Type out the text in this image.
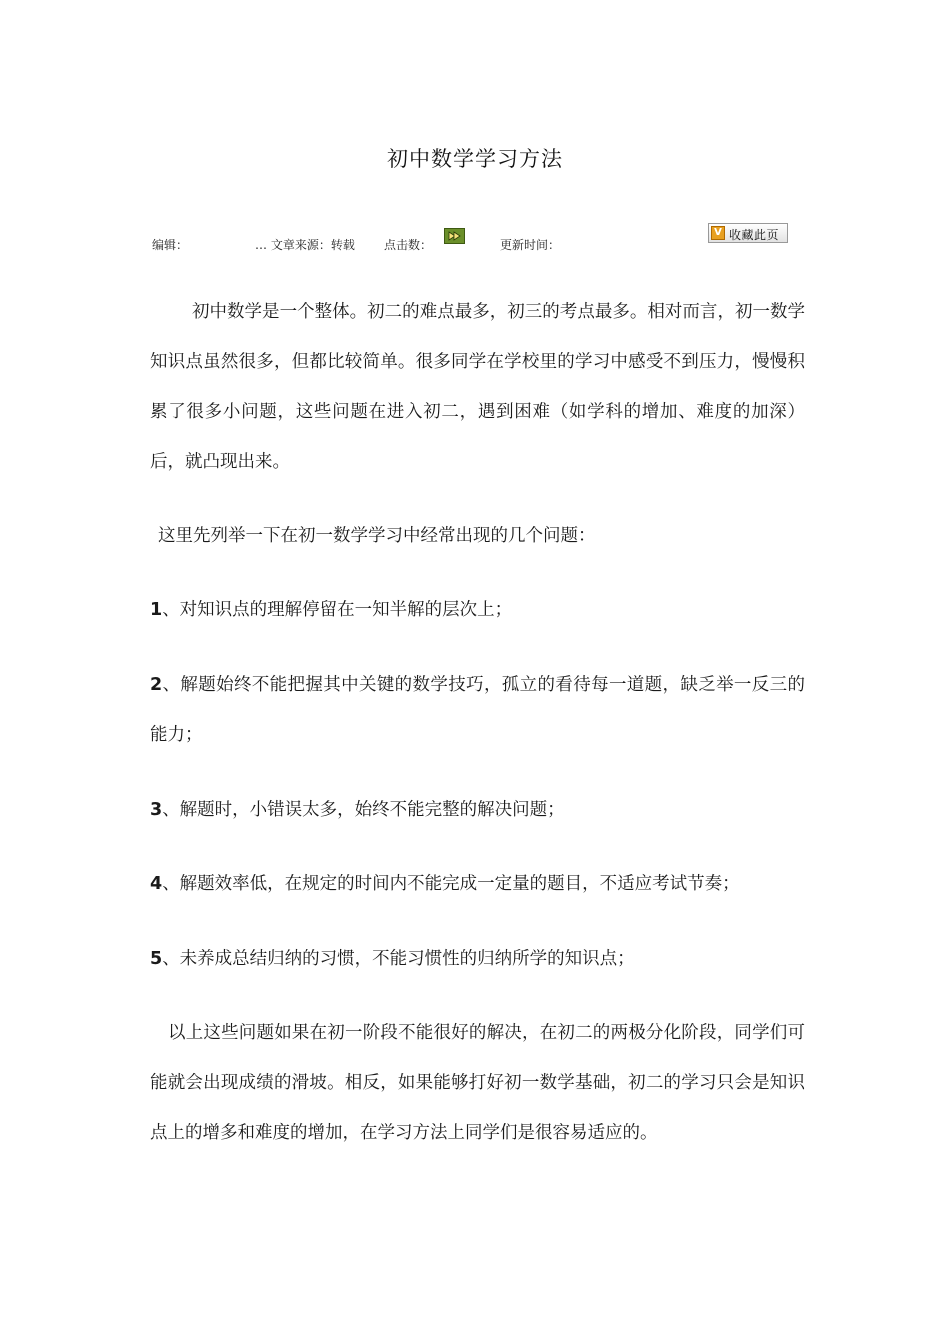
初中数学学习方法
编辑：	… 文章来源：转载 点击数：	更新时间：
V 收藏此页

初中数学是一个整体。初二的难点最多，初三的考点最多。相对而言，初一数学知识点虽然很多，但都比较简单。很多同学在学校里的学习中感受不到压力，慢慢积累了很多小问题，这些问题在进入初二，遇到困难（如学科的增加、难度的加深）后，就凸现出来。

这里先列举一下在初一数学学习中经常出现的几个问题：

1、对知识点的理解停留在一知半解的层次上；

2、解题始终不能把握其中关键的数学技巧，孤立的看待每一道题，缺乏举一反三的能力；

3、解题时，小错误太多，始终不能完整的解决问题；

4、解题效率低，在规定的时间内不能完成一定量的题目，不适应考试节奏；

5、未养成总结归纳的习惯，不能习惯性的归纳所学的知识点；

以上这些问题如果在初一阶段不能很好的解决，在初二的两极分化阶段，同学们可能就会出现成绩的滑坡。相反，如果能够打好初一数学基础，初二的学习只会是知识点上的增多和难度的增加，在学习方法上同学们是很容易适应的。
